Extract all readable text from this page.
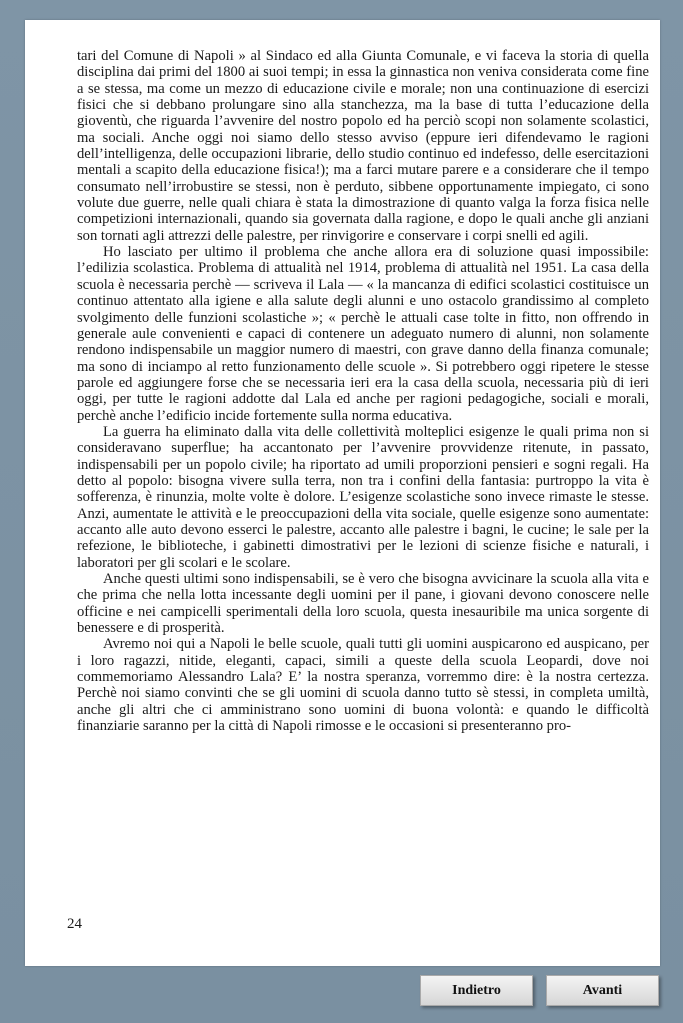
tari del Comune di Napoli » al Sindaco ed alla Giunta Comunale, e vi faceva la storia di quella disciplina dai primi del 1800 ai suoi tempi; in essa la ginnastica non veniva considerata come fine a se stessa, ma come un mezzo di educazione civile e morale; non una continuazione di esercizi fisici che si debbano prolungare sino alla stanchezza, ma la base di tutta l’educazione della gioventù, che riguarda l’avvenire del nostro popolo ed ha perciò scopi non solamente scolastici, ma sociali. Anche oggi noi siamo dello stesso avviso (eppure ieri difendevamo le ragioni dell’intelligenza, delle occupazioni librarie, dello studio continuo ed indefesso, delle esercitazioni mentali a scapito della educazione fisica!); ma a farci mutare parere e a considerare che il tempo consumato nell’irrobustire se stessi, non è perduto, sibbene opportunamente impiegato, ci sono volute due guerre, nelle quali chiara è stata la dimostrazione di quanto valga la forza fisica nelle competizioni internazionali, quando sia governata dalla ragione, e dopo le quali anche gli anziani son tornati agli attrezzi delle palestre, per rinvigorire e conservare i corpi snelli ed agili.

Ho lasciato per ultimo il problema che anche allora era di soluzione quasi impossibile: l’edilizia scolastica. Problema di attualità nel 1914, problema di attualità nel 1951. La casa della scuola è necessaria perchè — scriveva il Lala — « la mancanza di edifici scolastici costituisce un continuo attentato alla igiene e alla salute degli alunni e uno ostacolo grandissimo al completo svolgimento delle funzioni scolastiche »; « perchè le attuali case tolte in fitto, non offrendo in generale aule convenienti e capaci di contenere un adeguato numero di alunni, non solamente rendono indispensabile un maggior numero di maestri, con grave danno della finanza comunale; ma sono di inciampo al retto funzionamento delle scuole ». Si potrebbero oggi ripetere le stesse parole ed aggiungere forse che se necessaria ieri era la casa della scuola, necessaria più di ieri oggi, per tutte le ragioni addotte dal Lala ed anche per ragioni pedagogiche, sociali e morali, perchè anche l’edificio incide fortemente sulla norma educativa.

La guerra ha eliminato dalla vita delle collettività molteplici esigenze le quali prima non si consideravano superflue; ha accantonato per l’avvenire provvidenze ritenute, in passato, indispensabili per un popolo civile; ha riportato ad umili proporzioni pensieri e sogni regali. Ha detto al popolo: bisogna vivere sulla terra, non tra i confini della fantasia: purtroppo la vita è sofferenza, è rinunzia, molte volte è dolore. L’esigenze scolastiche sono invece rimaste le stesse. Anzi, aumentate le attività e le preoccupazioni della vita sociale, quelle esigenze sono aumentate: accanto alle auto devono esserci le palestre, accanto alle palestre i bagni, le cucine; le sale per la refezione, le biblioteche, i gabinetti dimostrativi per le lezioni di scienze fisiche e naturali, i laboratori per gli scolari e le scolare.

Anche questi ultimi sono indispensabili, se è vero che bisogna avvicinare la scuola alla vita e che prima che nella lotta incessante degli uomini per il pane, i giovani devono conoscere nelle officine e nei campicelli sperimentali della loro scuola, questa inesauribile ma unica sorgente di benessere e di prosperità.

Avremo noi qui a Napoli le belle scuole, quali tutti gli uomini auspicarono ed auspicano, per i loro ragazzi, nitide, eleganti, capaci, simili a queste della scuola Leopardi, dove noi commemoriamo Alessandro Lala? E’ la nostra speranza, vorremmo dire: è la nostra certezza. Perchè noi siamo convinti che se gli uomini di scuola danno tutto sè stessi, in completa umiltà, anche gli altri che ci amministrano sono uomini di buona volontà: e quando le difficoltà finanziarie saranno per la città di Napoli rimosse e le occasioni si presenteranno pro-

24
Indietro	Avanti
